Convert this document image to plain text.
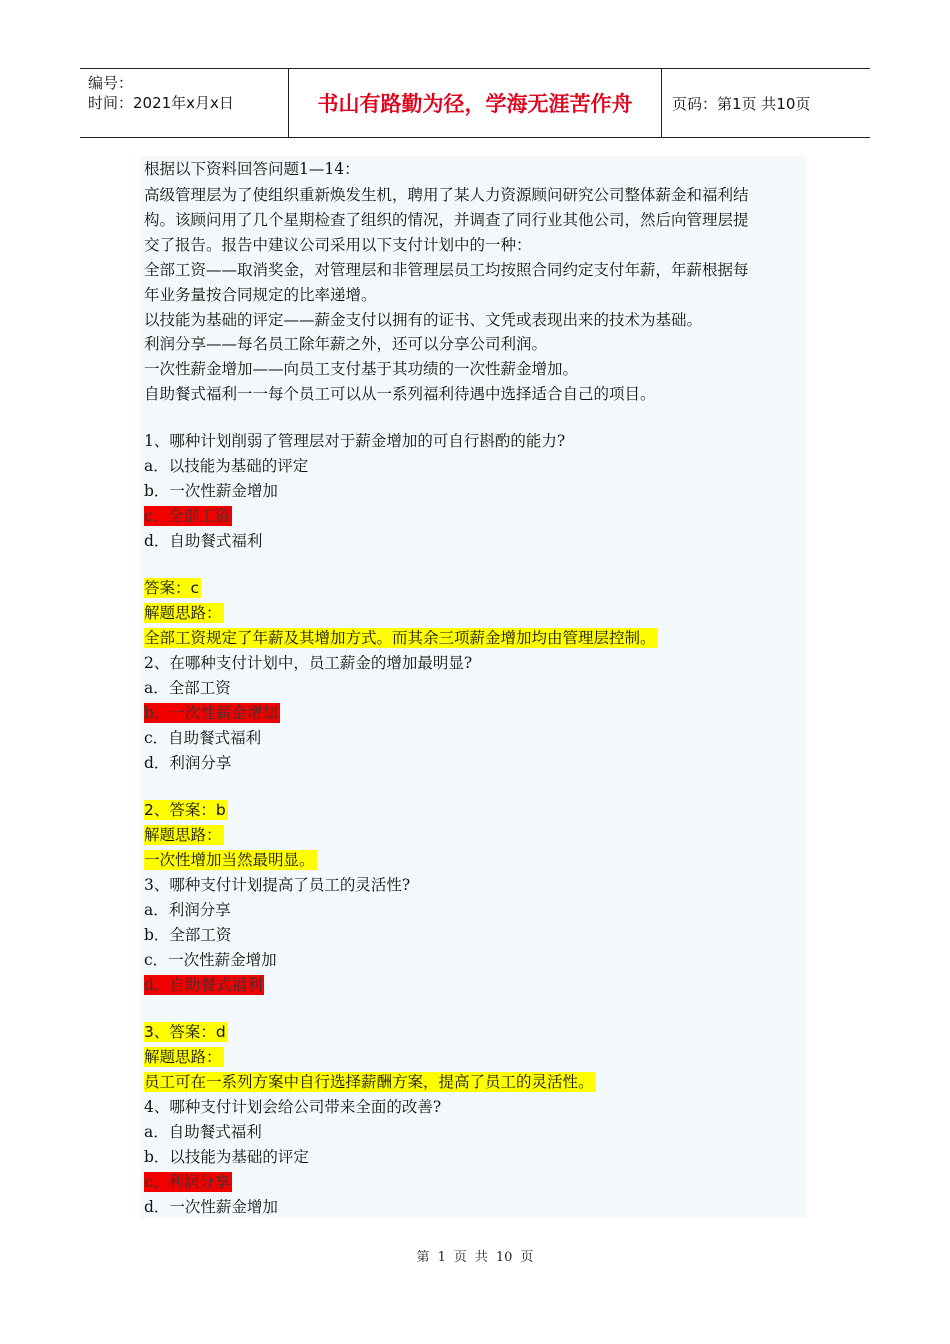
编号：
时间：2021年x月x日	书山有路勤为径，学海无涯苦作舟	页码：第1页 共10页
根据以下资料回答问题1—14：
高级管理层为了使组织重新焕发生机，聘用了某人力资源顾问研究公司整体薪金和福利结
构。该顾问用了几个星期检查了组织的情况，并调查了同行业其他公司，然后向管理层提
交了报告。报告中建议公司采用以下支付计划中的一种：
全部工资——取消奖金，对管理层和非管理层员工均按照合同约定支付年薪，年薪根据每
年业务量按合同规定的比率递增。
以技能为基础的评定——薪金支付以拥有的证书、文凭或表现出来的技术为基础。
利润分享——每名员工除年薪之外，还可以分享公司利润。
一次性薪金增加——向员工支付基于其功绩的一次性薪金增加。
自助餐式福利一一每个员工可以从一系列福利待遇中选择适合自己的项目。
1、哪种计划削弱了管理层对于薪金增加的可自行斟酌的能力?
a．以技能为基础的评定
b．一次性薪金增加
c．全部工资
d．自助餐式福利
答案：c
解题思路：
全部工资规定了年薪及其增加方式。而其余三项薪金增加均由管理层控制。
2、在哪种支付计划中，员工薪金的增加最明显?
a．全部工资
b．一次性薪金增加
c．自助餐式福利
d．利润分享
2、答案：b
解题思路：
一次性增加当然最明显。
3、哪种支付计划提高了员工的灵活性?
a．利润分享
b．全部工资
c．一次性薪金增加
d．自助餐式福利
3、答案：d
解题思路：
员工可在一系列方案中自行选择薪酬方案，提高了员工的灵活性。
4、哪种支付计划会给公司带来全面的改善?
a．自助餐式福利
b．以技能为基础的评定
c、利润分享
d．一次性薪金增加
第 1 页 共 10 页
